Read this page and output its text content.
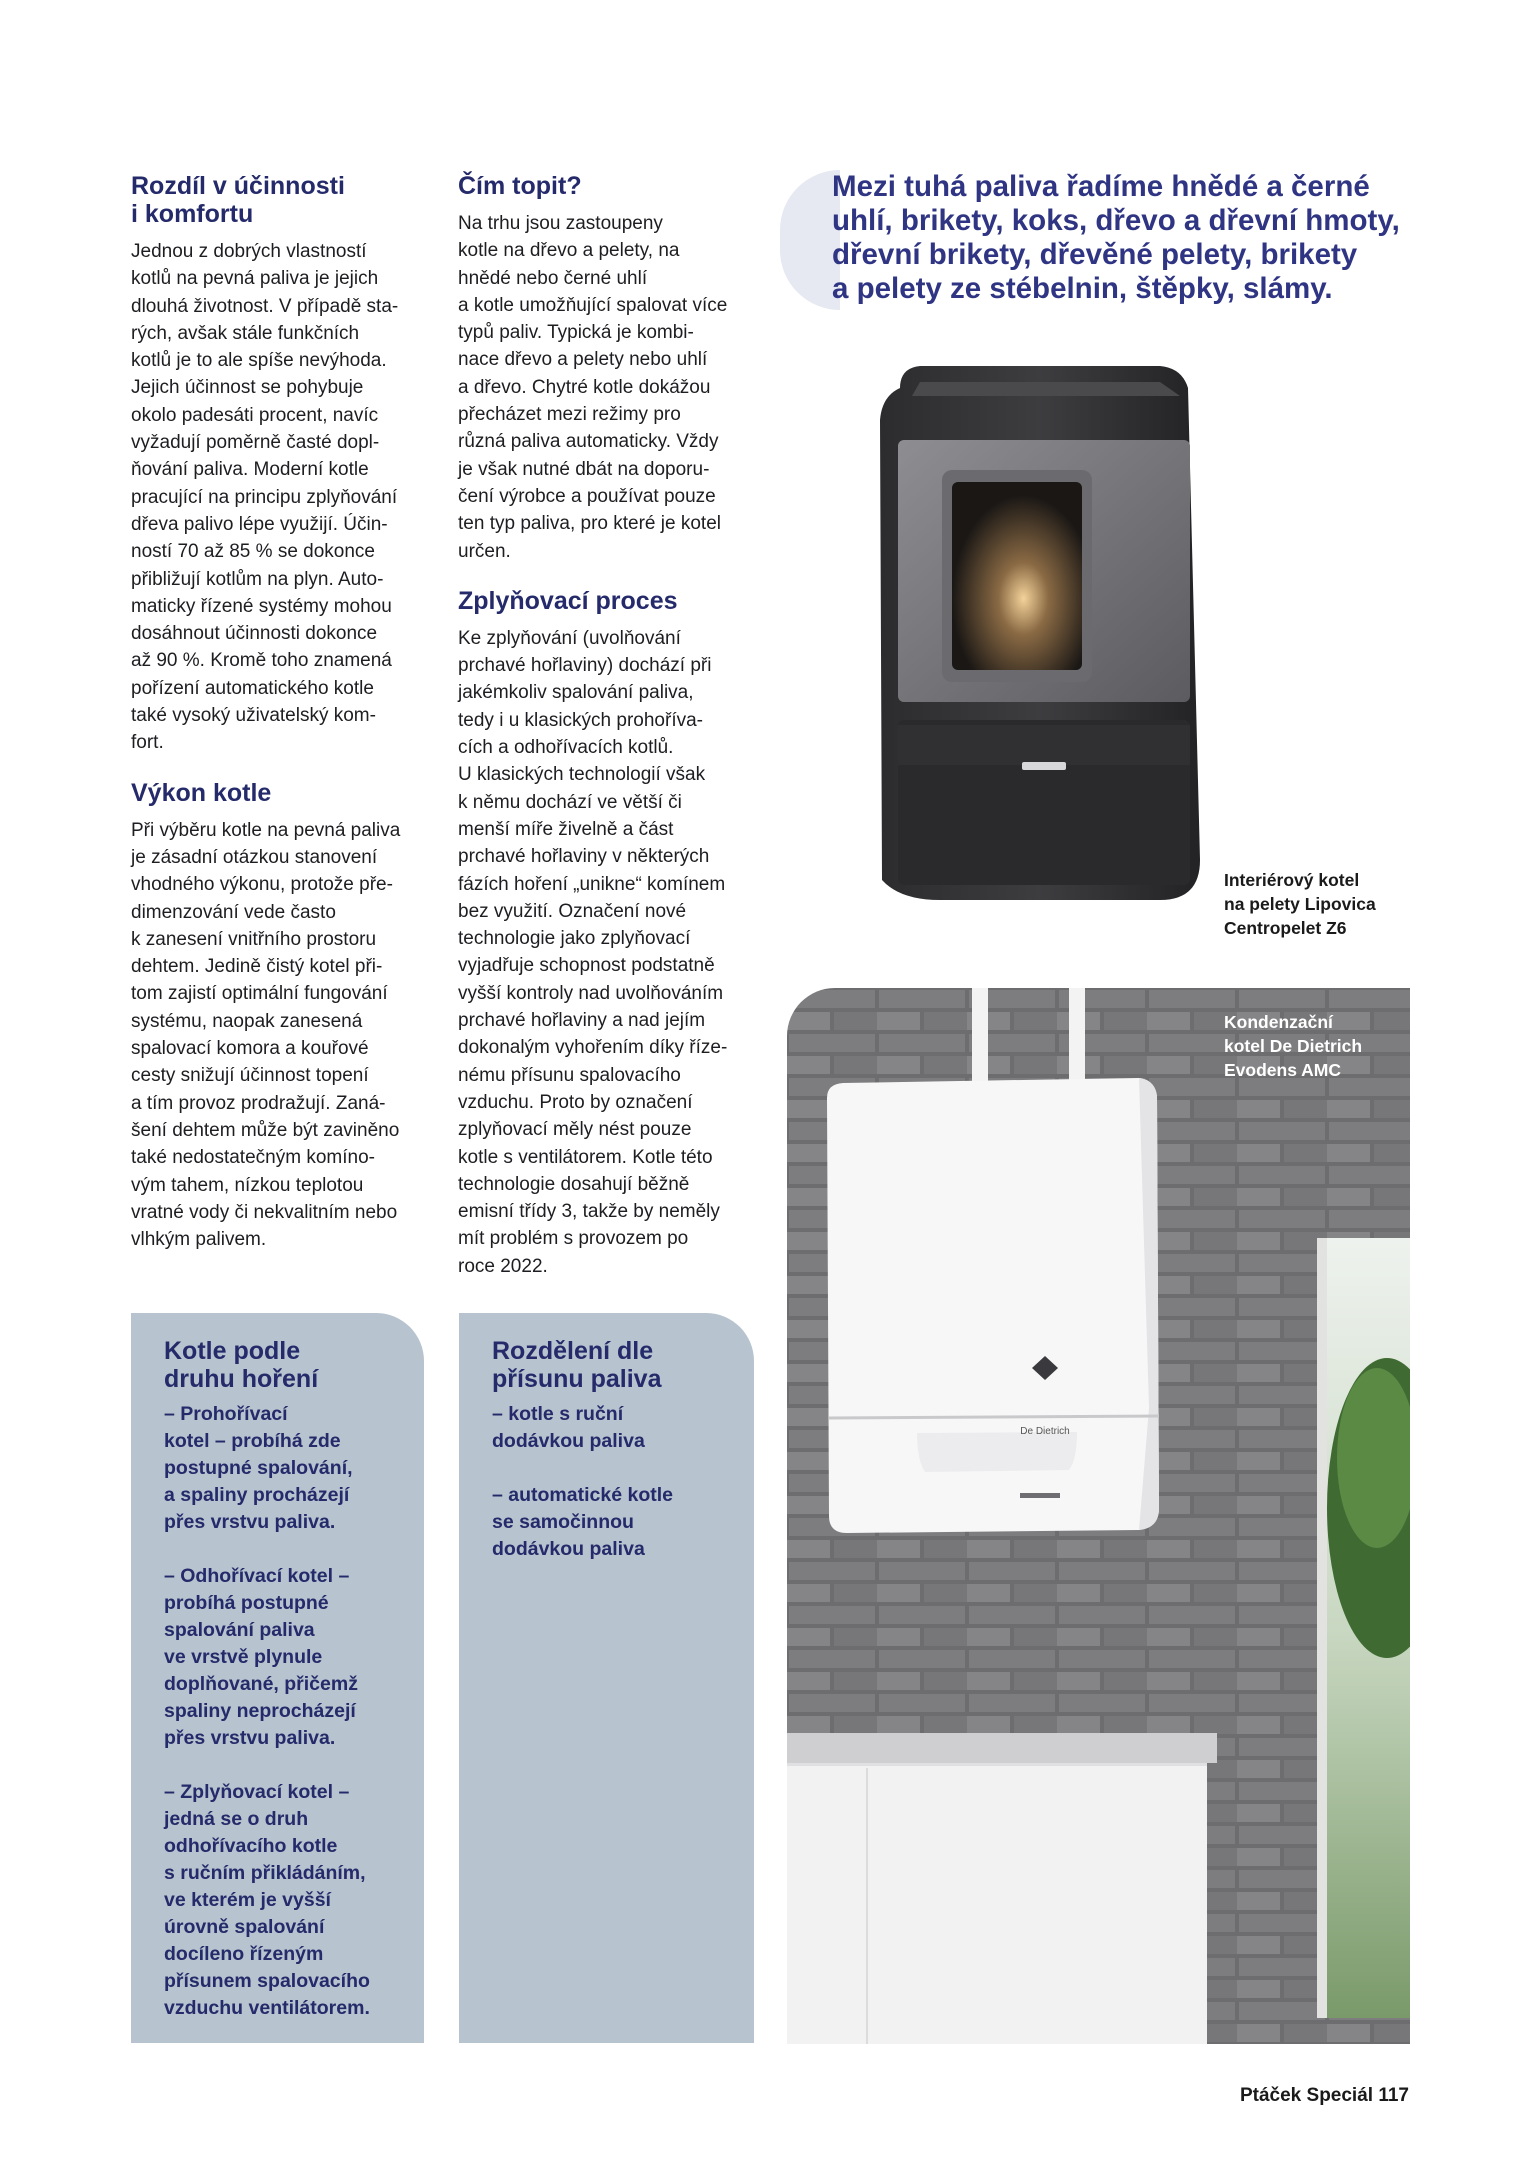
Rozdíl v účinnosti
i komfortu

Jednou z dobrých vlastností

kotlů na pevná paliva je jejich

dlouhá životnost. V případě sta-

rých, avšak stále funkčních

kotlů je to ale spíše nevýhoda.

Jejich účinnost se pohybuje

okolo padesáti procent, navíc

vyžadují poměrně časté dopl-

ňování paliva. Moderní kotle

pracující na principu zplyňování

dřeva palivo lépe využijí. Účin-

ností 70 až 85 % se dokonce

přibližují kotlům na plyn. Auto-

maticky řízené systémy mohou

dosáhnout účinnosti dokonce

až 90 %. Kromě toho znamená

pořízení automatického kotle

také vysoký uživatelský kom-

fort.

Výkon kotle

Při výběru kotle na pevná paliva

je zásadní otázkou stanovení

vhodného výkonu, protože pře-

dimenzování vede často

k zanesení vnitřního prostoru

dehtem. Jedině čistý kotel při-

tom zajistí optimální fungování

systému, naopak zanesená

spalovací komora a kouřové

cesty snižují účinnost topení

a tím provoz prodražují. Zaná-

šení dehtem může být zaviněno

také nedostatečným komíno-

vým tahem, nízkou teplotou

vratné vody či nekvalitním nebo

vlhkým palivem.

Čím topit?

Na trhu jsou zastoupeny

kotle na dřevo a pelety, na

hnědé nebo černé uhlí

a kotle umožňující spalovat více

typů paliv. Typická je kombi-

nace dřevo a pelety nebo uhlí

a dřevo. Chytré kotle dokážou

přecházet mezi režimy pro

různá paliva automaticky. Vždy

je však nutné dbát na doporu-

čení výrobce a používat pouze

ten typ paliva, pro které je kotel

určen.

Zplyňovací proces

Ke zplyňování (uvolňování

prchavé hořlaviny) dochází při

jakémkoliv spalování paliva,

tedy i u klasických prohoříva-

cích a odhořívacích kotlů.

U klasických technologií však

k němu dochází ve větší či

menší míře živelně a část

prchavé hořlaviny v některých

fázích hoření „unikne“ komínem

bez využití. Označení nové

technologie jako zplyňovací

vyjadřuje schopnost podstatně

vyšší kontroly nad uvolňováním

prchavé hořlaviny a nad jejím

dokonalým vyhořením díky říze-

nému přísunu spalovacího

vzduchu. Proto by označení

zplyňovací měly nést pouze

kotle s ventilátorem. Kotle této

technologie dosahují běžně

emisní třídy 3, takže by neměly

mít problém s provozem po

roce 2022.

Mezi tuhá paliva řadíme hnědé a černé

uhlí, brikety, koks, dřevo a dřevní hmoty,

dřevní brikety, dřevěné pelety, brikety

a pelety ze stébelnin, štěpky, slámy.

Interiérový kotel

na pelety Lipovica

Centropelet Z6

De Dietrich

Kondenzační

kotel De Dietrich

Evodens AMC

Kotle podle
druhu hoření

– Prohořívací

kotel – probíhá zde

postupné spalování,

a spaliny procházejí

přes vrstvu paliva.

– Odhořívací kotel –

probíhá postupné

spalování paliva

ve vrstvě plynule

doplňované, přičemž

spaliny neprocházejí

přes vrstvu paliva.

– Zplyňovací kotel –

jedná se o druh

odhořívacího kotle

s ručním přikládáním,

ve kterém je vyšší

úrovně spalování

docíleno řízeným

přísunem spalovacího

vzduchu ventilátorem.

Rozdělení dle
přísunu paliva

– kotle s ruční

dodávkou paliva

– automatické kotle

se samočinnou

dodávkou paliva

Ptáček Speciál 117
